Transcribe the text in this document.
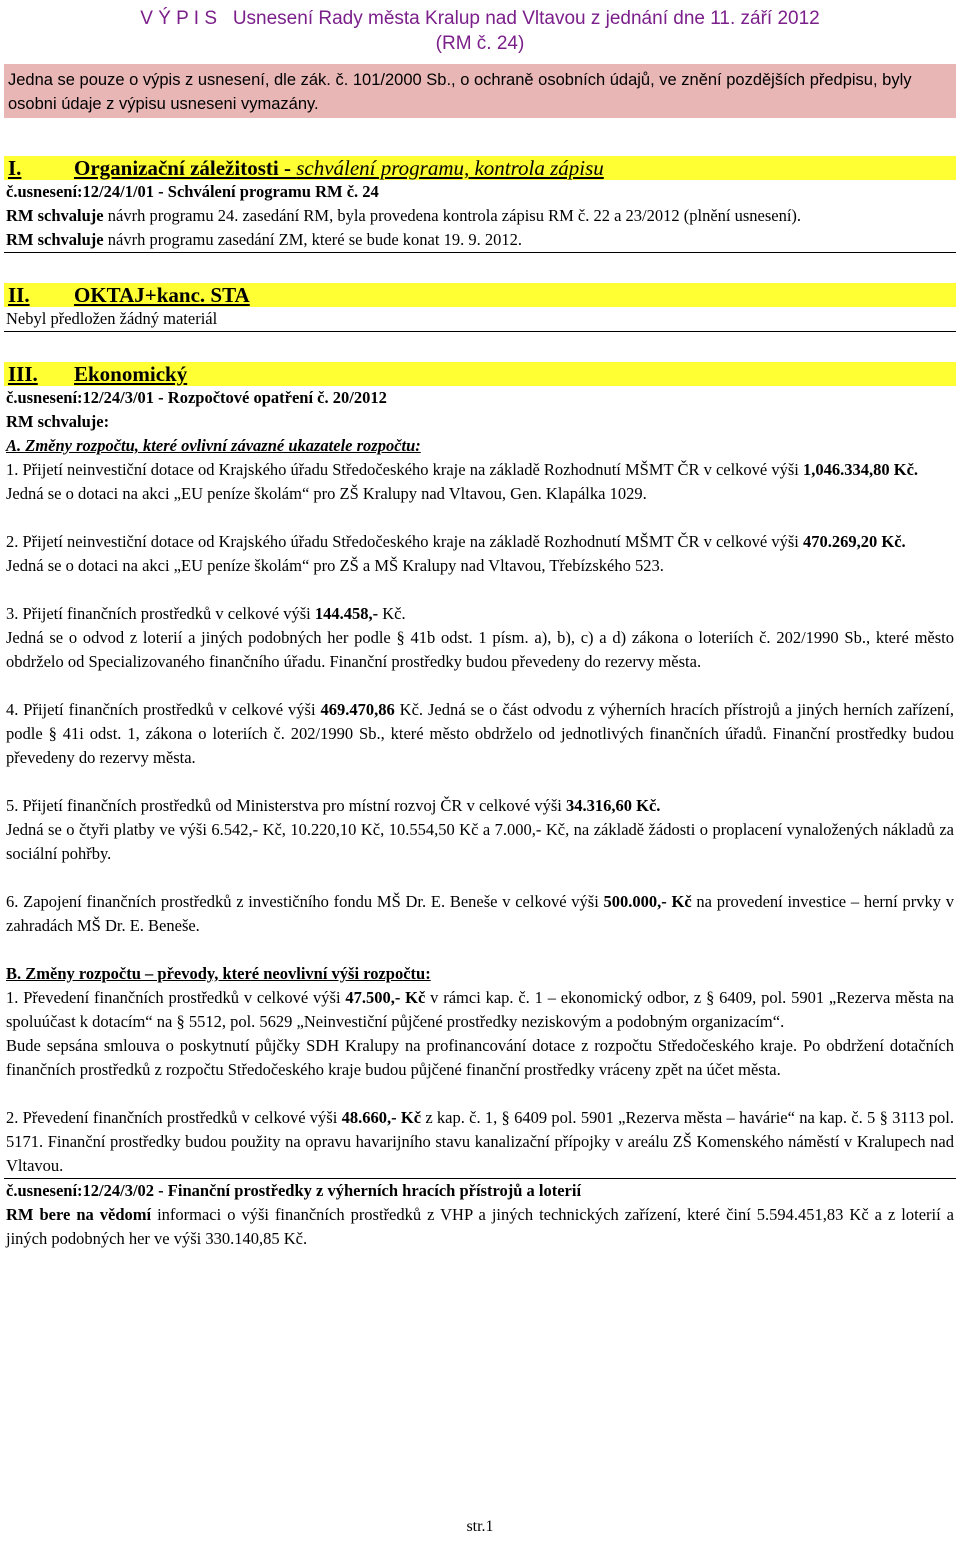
V Ý P I S   Usnesení Rady města Kralup nad Vltavou z jednání dne 11. září 2012
(RM č. 24)
Jedna se pouze o výpis z usnesení, dle zák. č. 101/2000 Sb., o ochraně osobních údajů, ve znění pozdějších předpisu, byly osobni údaje z výpisu usneseni vymazány.
I.	Organizační záležitosti - schválení programu, kontrola zápisu
č.usnesení:12/24/1/01 - Schválení programu RM č. 24
RM schvaluje návrh programu 24. zasedání RM, byla provedena kontrola zápisu RM č. 22 a 23/2012 (plnění usnesení).
RM schvaluje návrh programu zasedání ZM, které se bude konat 19. 9. 2012.
II. OKTAJ+kanc. STA
Nebyl předložen žádný materiál
III. Ekonomický
č.usnesení:12/24/3/01 - Rozpočtové opatření č. 20/2012
RM schvaluje:
A. Změny rozpočtu, které ovlivní závazné ukazatele rozpočtu:
1. Přijetí neinvestiční dotace od Krajského úřadu Středočeského kraje na základě Rozhodnutí MŠMT ČR v celkové výši 1,046.334,80 Kč.
Jedná se o dotaci na akci „EU peníze školám“ pro ZŠ Kralupy nad Vltavou, Gen. Klapálka 1029.
2. Přijetí neinvestiční dotace od Krajského úřadu Středočeského kraje na základě Rozhodnutí MŠMT ČR v celkové výši 470.269,20 Kč.
Jedná se o dotaci na akci „EU peníze školám“ pro ZŠ a MŠ Kralupy nad Vltavou, Třebízského 523.
3. Přijetí finančních prostředků v celkové výši 144.458,- Kč.
Jedná se o odvod z loterií a jiných podobných her podle § 41b odst. 1 písm. a), b), c) a d) zákona o loteriích č. 202/1990 Sb., které město obdrželo od Specializovaného finančního úřadu. Finanční prostředky budou převedeny do rezervy města.
4. Přijetí finančních prostředků v celkové výši 469.470,86 Kč. Jedná se o část odvodu z výherních hracích přístrojů a jiných herních zařízení, podle § 41i odst. 1, zákona o loteriích č. 202/1990 Sb., které město obdrželo od jednotlivých finančních úřadů. Finanční prostředky budou převedeny do rezervy města.
5. Přijetí finančních prostředků od Ministerstva pro místní rozvoj ČR v celkové výši 34.316,60 Kč.
Jedná se o čtyři platby ve výši 6.542,- Kč, 10.220,10 Kč, 10.554,50 Kč a 7.000,- Kč, na základě žádosti o proplacení vynaložených nákladů za sociální pohřby.
6. Zapojení finančních prostředků z investičního fondu MŠ Dr. E. Beneše v celkové výši 500.000,- Kč na provedení investice – herní prvky v zahradách MŠ Dr. E. Beneše.
B. Změny rozpočtu – převody, které neovlivní výši rozpočtu:
1. Převedení finančních prostředků v celkové výši 47.500,- Kč v rámci kap. č. 1 – ekonomický odbor, z § 6409, pol. 5901 „Rezerva města na spoluúčast k dotacím“ na § 5512, pol. 5629 „Neinvestiční půjčené prostředky neziskovým a podobným organizacím“.
Bude sepsána smlouva o poskytnutí půjčky SDH Kralupy na profinancování dotace z rozpočtu Středočeského kraje. Po obdržení dotačních finančních prostředků z rozpočtu Středočeského kraje budou půjčené finanční prostředky vráceny zpět na účet města.
2. Převedení finančních prostředků v celkové výši 48.660,- Kč z kap. č. 1, § 6409 pol. 5901 „Rezerva města – havárie“ na kap. č. 5 § 3113 pol. 5171. Finanční prostředky budou použity na opravu havarijního stavu kanalizační přípojky v areálu ZŠ Komenského náměstí v Kralupech nad Vltavou.
č.usnesení:12/24/3/02 - Finanční prostředky z výherních hracích přístrojů a loterií
RM bere na vědomí informaci o výši finančních prostředků z VHP a jiných technických zařízení, které činí 5.594.451,83 Kč a z loterií a jiných podobných her ve výši 330.140,85 Kč.
str.1
